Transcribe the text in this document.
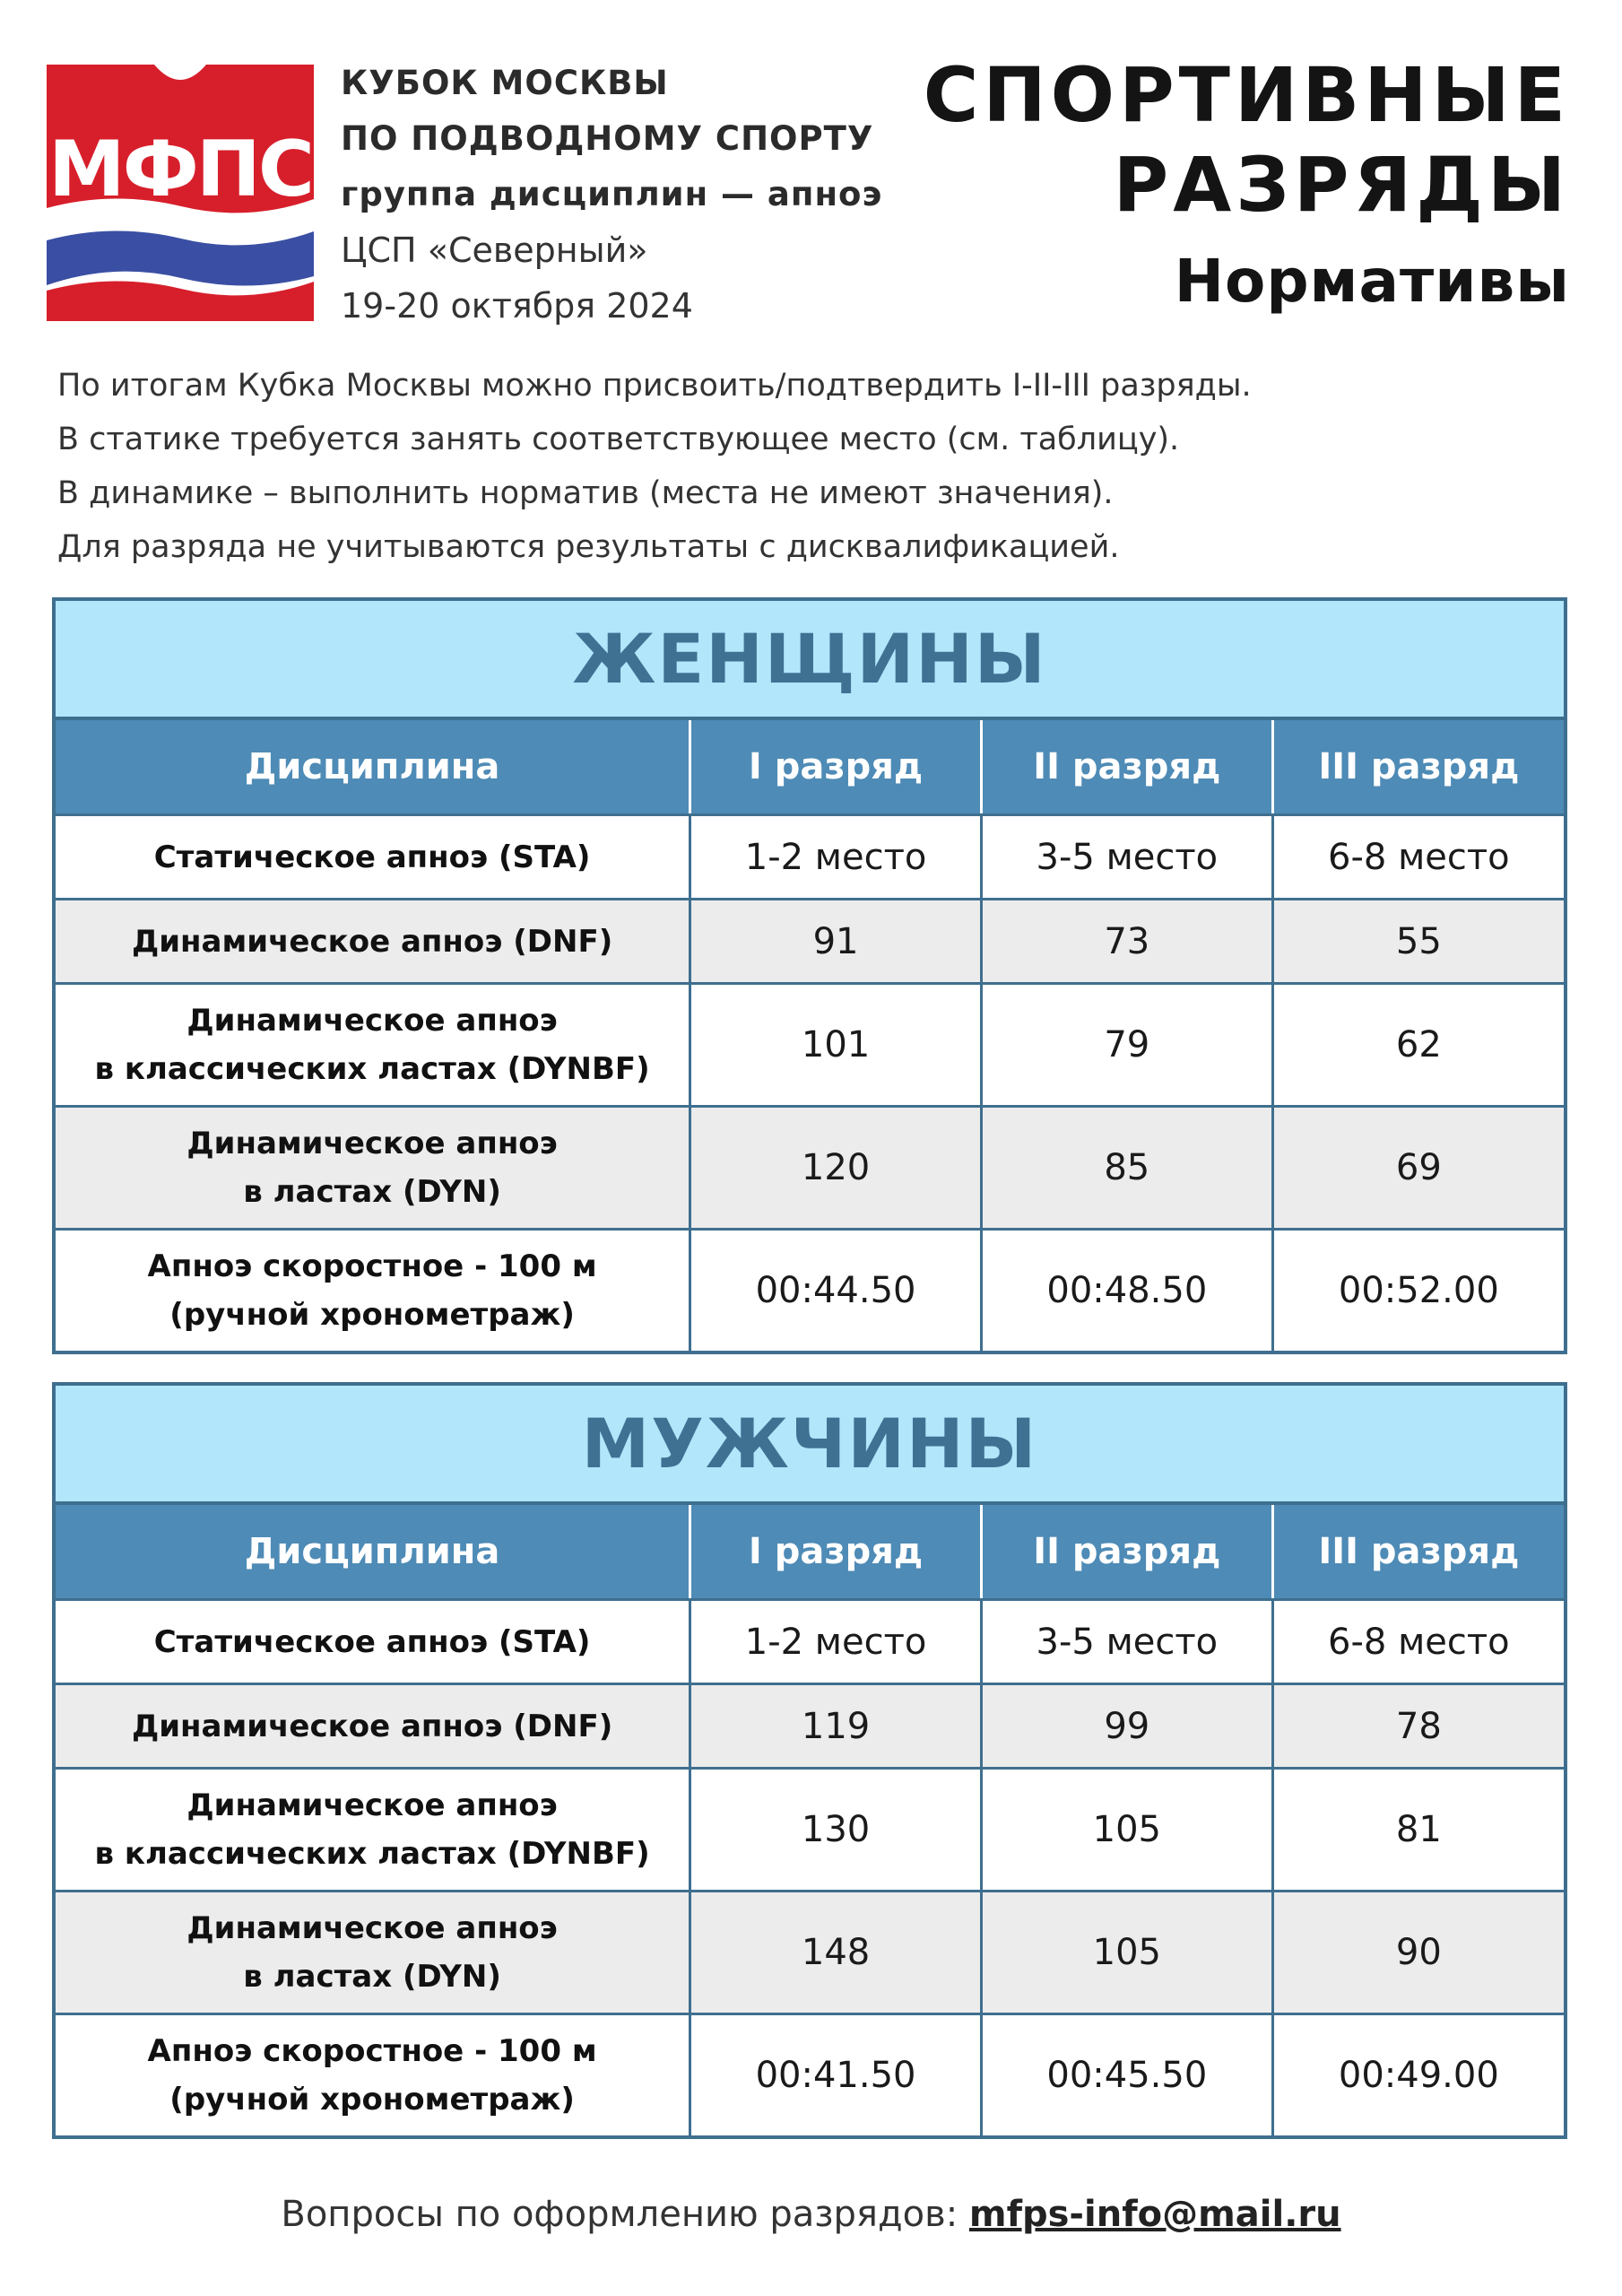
МФПС
КУБОК МОСКВЫ
ПО ПОДВОДНОМУ СПОРТУ
группа дисциплин — апноэ
ЦСП «Северный»
19-20 октября 2024
СПОРТИВНЫЕ
РАЗРЯДЫ
Нормативы
По итогам Кубка Москвы можно присвоить/подтвердить I-II-III разряды.
В статике требуется занять соответствующее место (см. таблицу).
В динамике – выполнить норматив (места не имеют значения).
Для разряда не учитываются результаты с дисквалификацией.
ЖЕНЩИНЫ
Дисциплина	I разряд	II разряд	III разряд
Статическое апноэ (STA)	1-2 место	3-5 место	6-8 место
Динамическое апноэ (DNF)	91	73	55
Динамическое апноэ
в классических ластах (DYNBF)	101	79	62
Динамическое апноэ
в ластах (DYN)	120	85	69
Апноэ скоростное - 100 м
(ручной хронометраж)	00:44.50	00:48.50	00:52.00
МУЖЧИНЫ
Дисциплина	I разряд	II разряд	III разряд
Статическое апноэ (STA)	1-2 место	3-5 место	6-8 место
Динамическое апноэ (DNF)	119	99	78
Динамическое апноэ
в классических ластах (DYNBF)	130	105	81
Динамическое апноэ
в ластах (DYN)	148	105	90
Апноэ скоростное - 100 м
(ручной хронометраж)	00:41.50	00:45.50	00:49.00
Вопросы по оформлению разрядов: mfps-info@mail.ru
